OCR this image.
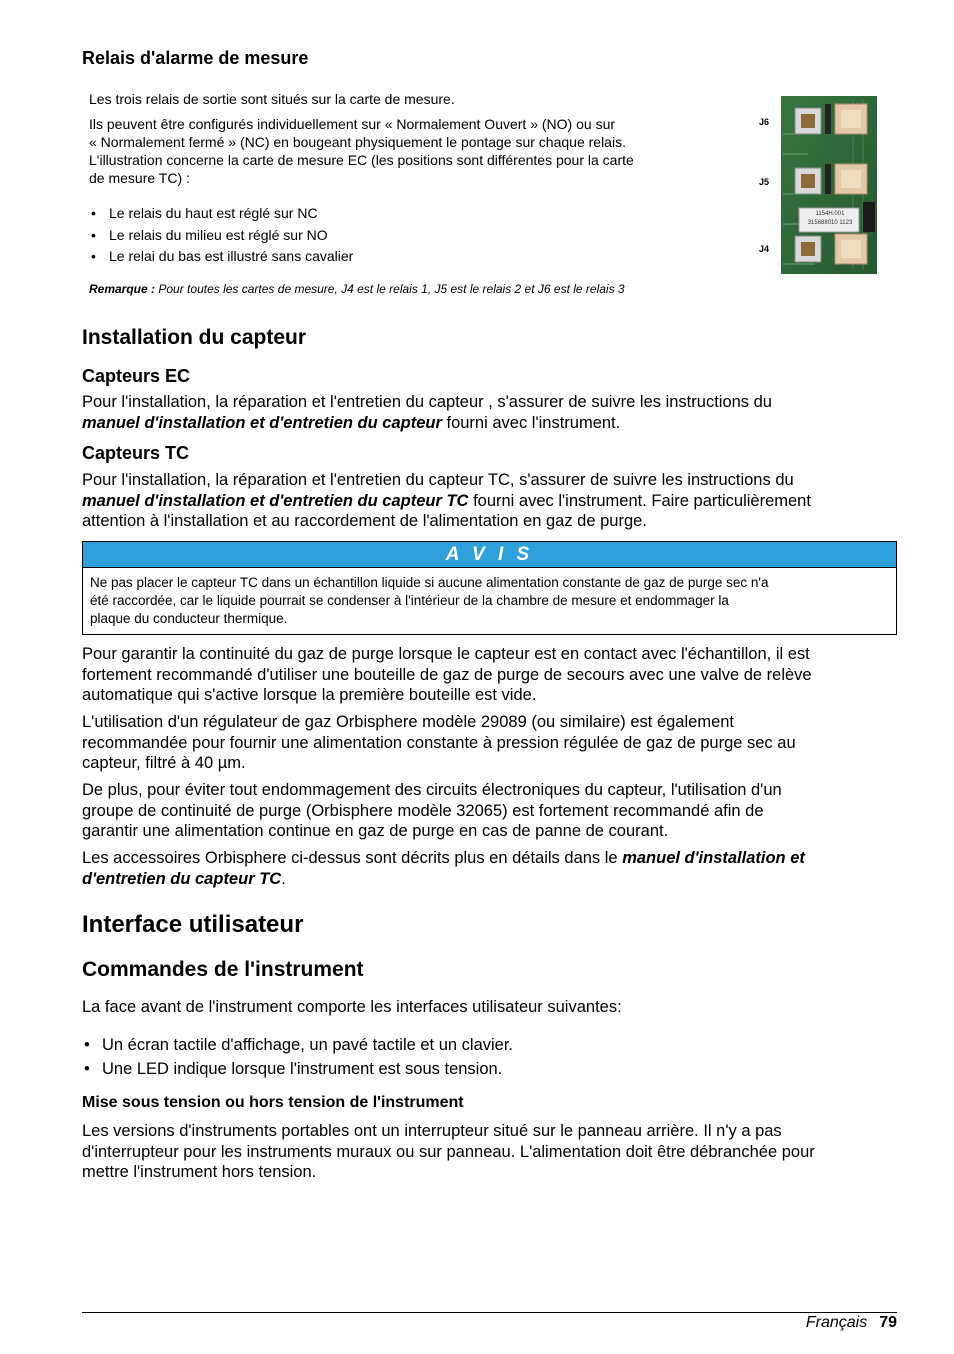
Relais d'alarme de mesure
Les trois relais de sortie sont situés sur la carte de mesure.
Ils peuvent être configurés individuellement sur « Normalement Ouvert » (NO) ou sur
« Normalement fermé » (NC) en bougeant physiquement le pontage sur chaque relais.
L'illustration concerne la carte de mesure EC (les positions sont différentes pour la carte
de mesure TC) :
• Le relais du haut est réglé sur NC
• Le relais du milieu est réglé sur NO
• Le relai du bas est illustré sans cavalier
Remarque : Pour toutes les cartes de mesure, J4 est le relais 1, J5 est le relais 2 et J6 est le relais 3
Installation du capteur
Capteurs EC
Pour l'installation, la réparation et l'entretien du capteur , s'assurer de suivre les instructions du
manuel d'installation et d'entretien du capteur fourni avec l'instrument.
Capteurs TC
Pour l'installation, la réparation et l'entretien du capteur TC, s'assurer de suivre les instructions du
manuel d'installation et d'entretien du capteur TC fourni avec l'instrument. Faire particulièrement
attention à l'installation et au raccordement de l'alimentation en gaz de purge.
A V I S
Ne pas placer le capteur TC dans un échantillon liquide si aucune alimentation constante de gaz de purge sec n'a
été raccordée, car le liquide pourrait se condenser à l'intérieur de la chambre de mesure et endommager la
plaque du conducteur thermique.
Pour garantir la continuité du gaz de purge lorsque le capteur est en contact avec l'échantillon, il est
fortement recommandé d'utiliser une bouteille de gaz de purge de secours avec une valve de relève
automatique qui s'active lorsque la première bouteille est vide.
L'utilisation d'un régulateur de gaz Orbisphere modèle 29089 (ou similaire) est également
recommandée pour fournir une alimentation constante à pression régulée de gaz de purge sec au
capteur, filtré à 40 µm.
De plus, pour éviter tout endommagement des circuits électroniques du capteur, l'utilisation d'un
groupe de continuité de purge (Orbisphere modèle 32065) est fortement recommandé afin de
garantir une alimentation continue en gaz de purge en cas de panne de courant.
Les accessoires Orbisphere ci-dessus sont décrits plus en détails dans le manuel d'installation et
d'entretien du capteur TC.
Interface utilisateur
Commandes de l'instrument
La face avant de l'instrument comporte les interfaces utilisateur suivantes:
• Un écran tactile d'affichage, un pavé tactile et un clavier.
• Une LED indique lorsque l'instrument est sous tension.
Mise sous tension ou hors tension de l'instrument
Les versions d'instruments portables ont un interrupteur situé sur le panneau arrière. Il n'y a pas
d'interrupteur pour les instruments muraux ou sur panneau. L'alimentation doit être débranchée pour
mettre l'instrument hors tension.
Français 79
J6
J5
J4
1154H.001
315688010 1123
